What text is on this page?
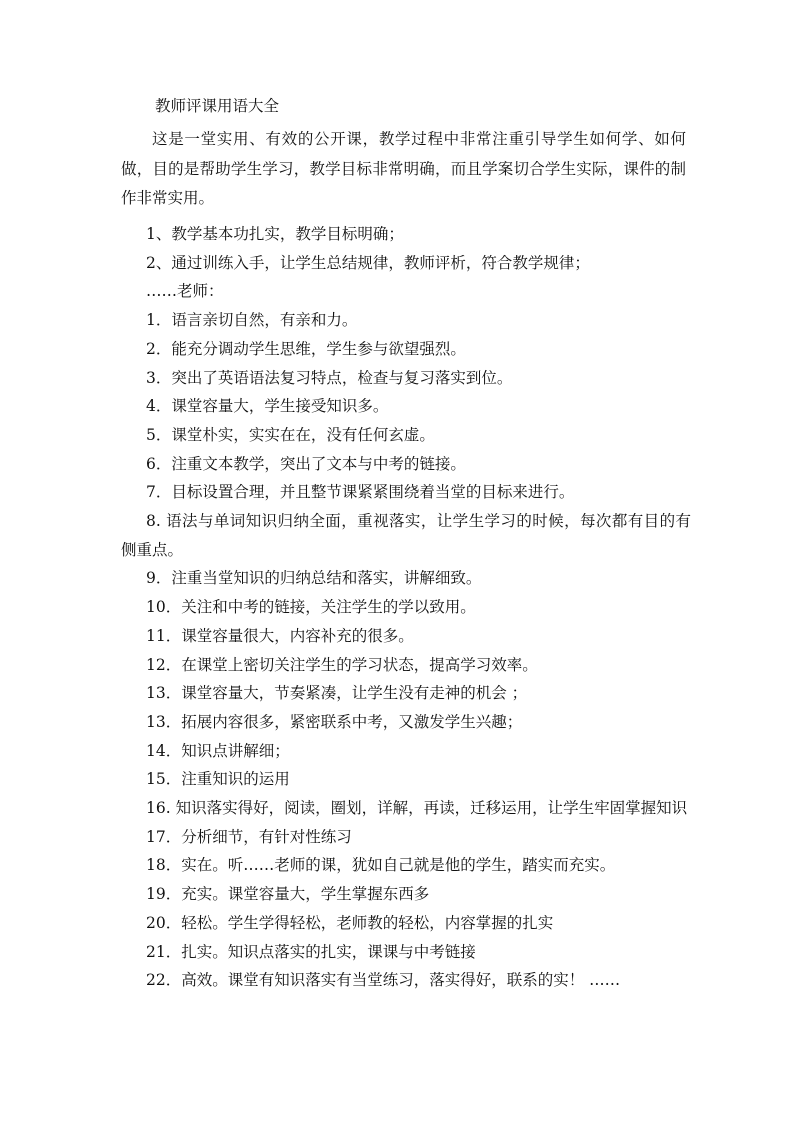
教师评课用语大全

这是一堂实用、有效的公开课，教学过程中非常注重引导学生如何学、如何做，目的是帮助学生学习，教学目标非常明确，而且学案切合学生实际，课件的制作非常实用。

1、教学基本功扎实，教学目标明确；
2、通过训练入手，让学生总结规律，教师评析，符合教学规律；
……老师：
1．语言亲切自然，有亲和力。
2．能充分调动学生思维，学生参与欲望强烈。
3．突出了英语语法复习特点，检查与复习落实到位。
4．课堂容量大，学生接受知识多。
5．课堂朴实，实实在在，没有任何玄虚。
6．注重文本教学，突出了文本与中考的链接。
7．目标设置合理，并且整节课紧紧围绕着当堂的目标来进行。
8. 语法与单词知识归纳全面，重视落实，让学生学习的时候，每次都有目的有侧重点。
9．注重当堂知识的归纳总结和落实，讲解细致。
10．关注和中考的链接，关注学生的学以致用。
11．课堂容量很大，内容补充的很多。
12．在课堂上密切关注学生的学习状态，提高学习效率。
13．课堂容量大，节奏紧凑，让学生没有走神的机会 ；
13．拓展内容很多，紧密联系中考，又激发学生兴趣；
14．知识点讲解细；
15．注重知识的运用
16. 知识落实得好，阅读，圈划，详解，再读，迁移运用，让学生牢固掌握知识
17．分析细节，有针对性练习
18．实在。听……老师的课，犹如自己就是他的学生，踏实而充实。
19．充实。课堂容量大，学生掌握东西多
20．轻松。学生学得轻松，老师教的轻松，内容掌握的扎实
21．扎实。知识点落实的扎实，课课与中考链接
22．高效。课堂有知识落实有当堂练习，落实得好，联系的实！ ……
